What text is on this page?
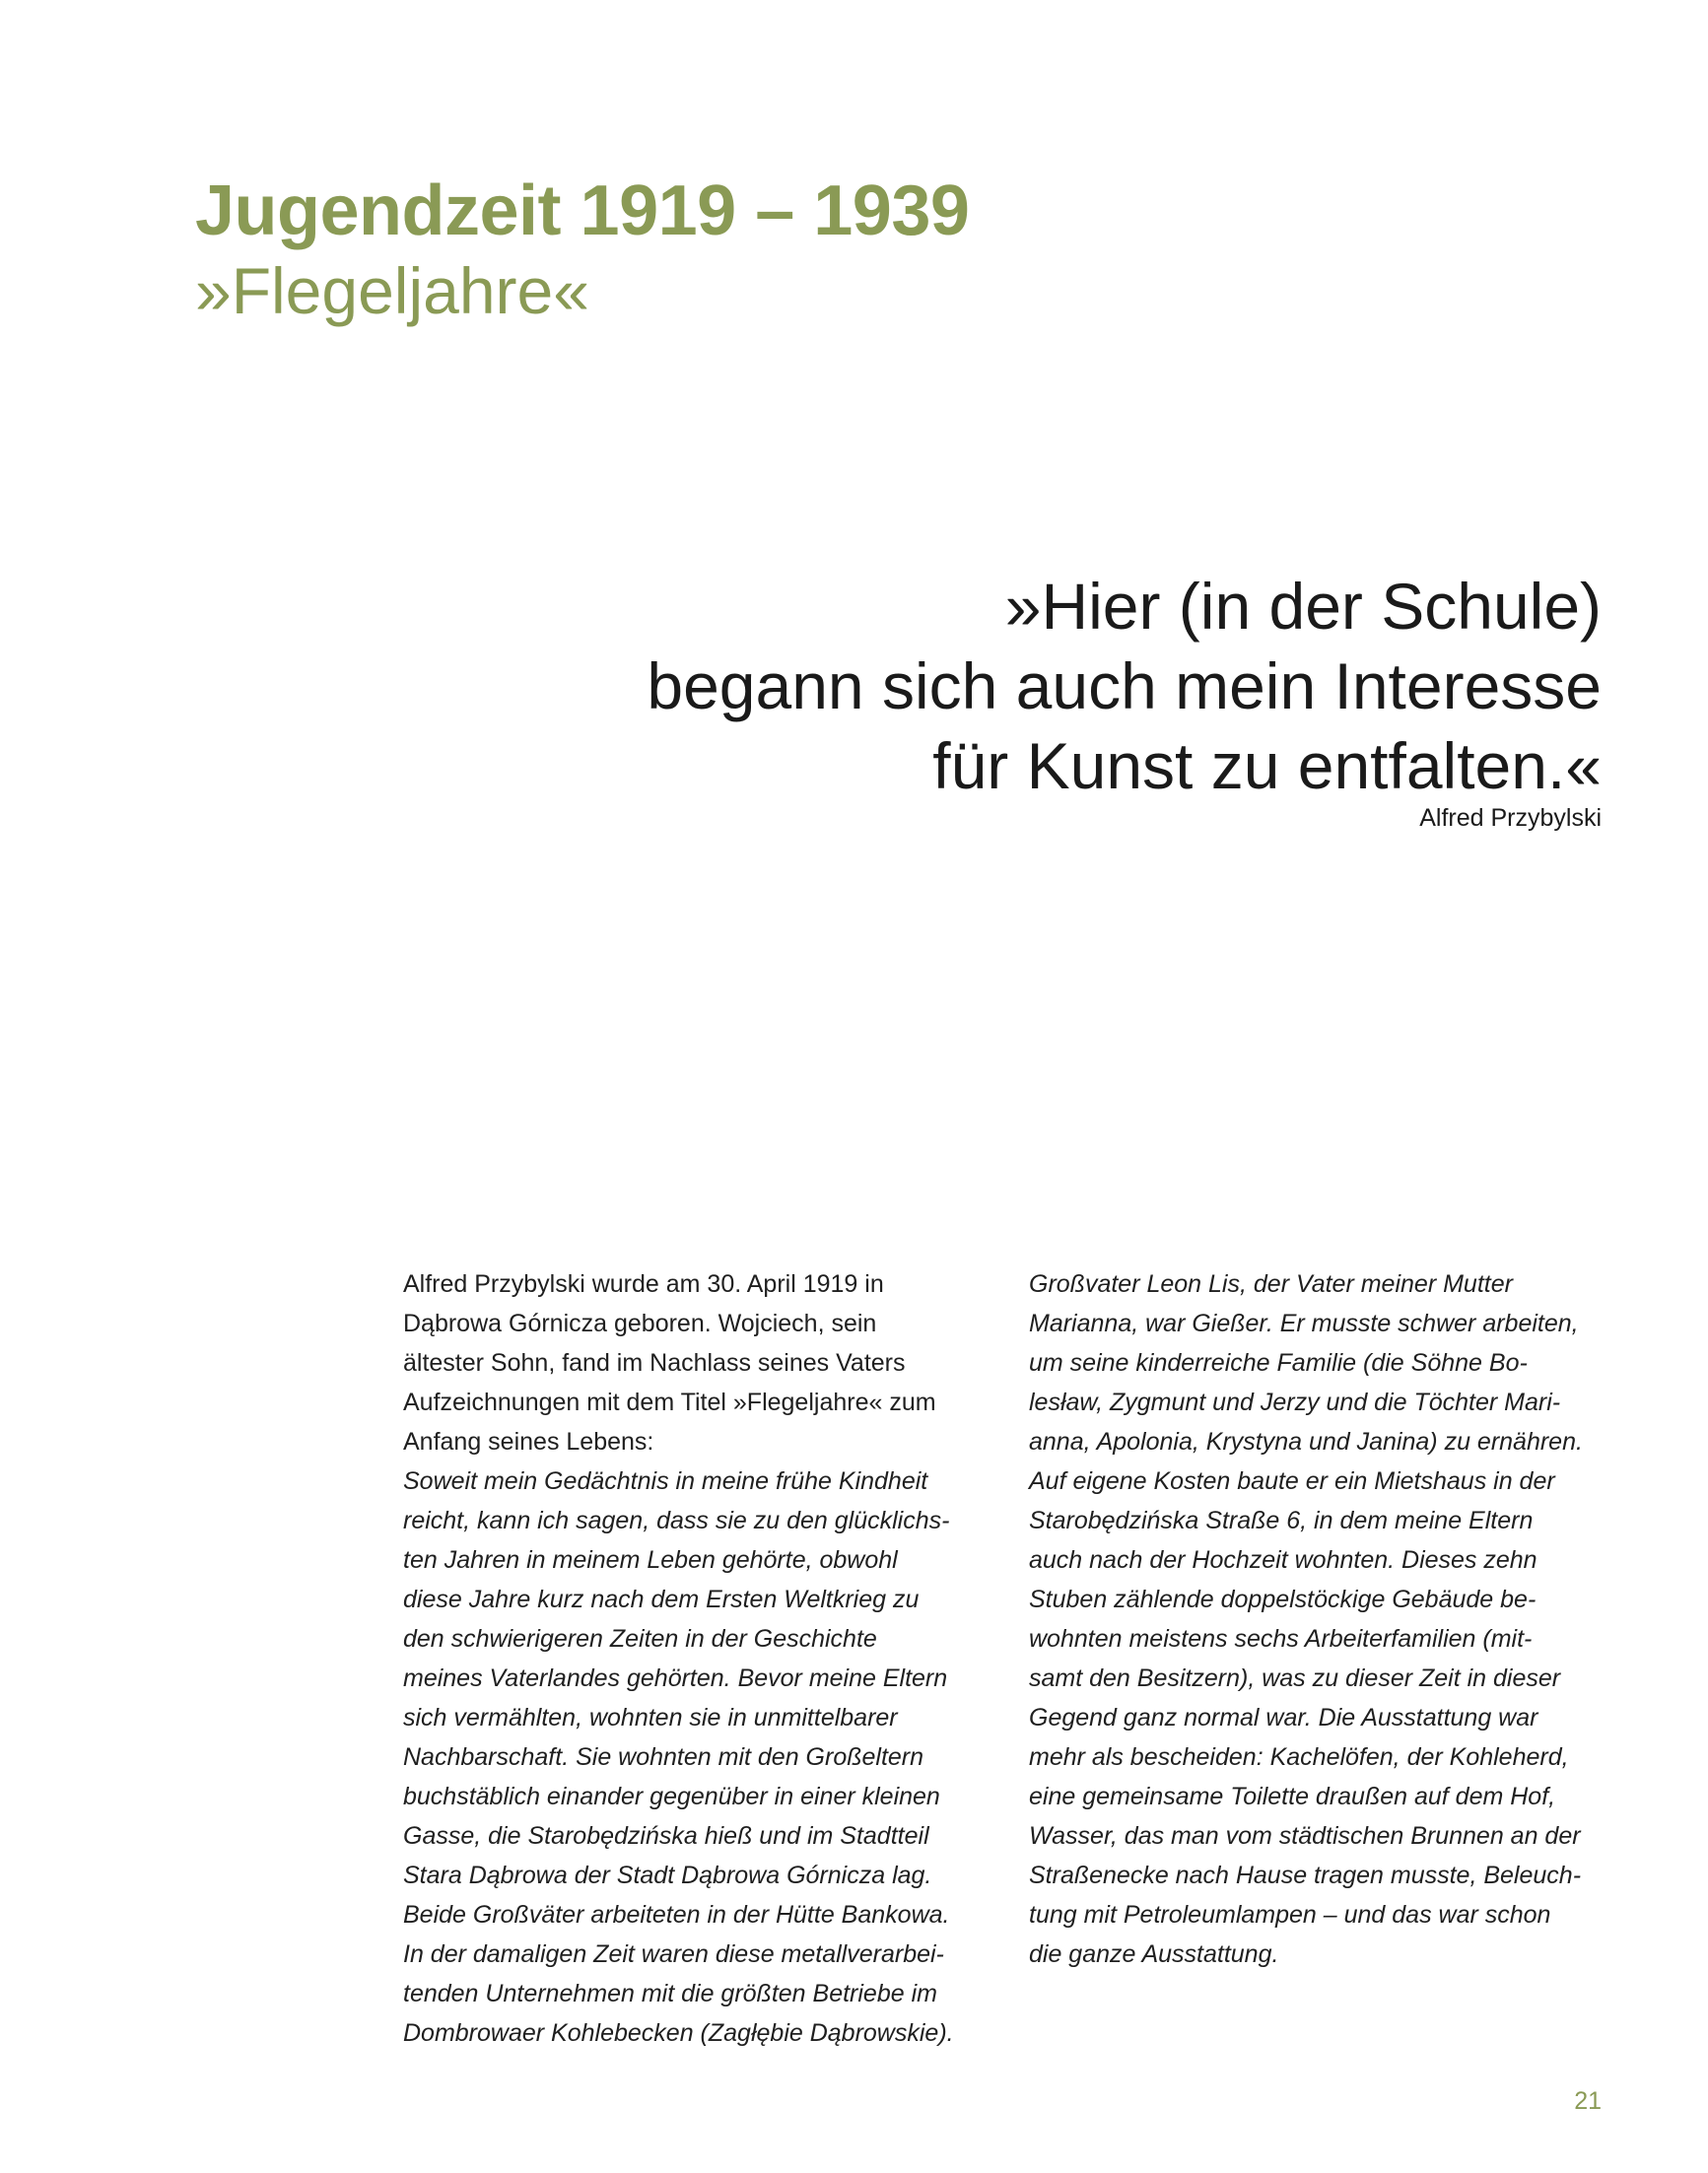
Jugendzeit 1919 – 1939
»Flegeljahre«
»Hier (in der Schule)
begann sich auch mein Interesse
für Kunst zu entfalten.«
Alfred Przybylski

Alfred Przybylski wurde am 30. April 1919 in
Dąbrowa Górnicza geboren. Wojciech, sein
ältester Sohn, fand im Nachlass seines Vaters
Aufzeichnungen mit dem Titel »Flegeljahre« zum
Anfang seines Lebens:

Soweit mein Gedächtnis in meine frühe Kindheit
reicht, kann ich sagen, dass sie zu den glücklichs-
ten Jahren in meinem Leben gehörte, obwohl
diese Jahre kurz nach dem Ersten Weltkrieg zu
den schwierigeren Zeiten in der Geschichte
meines Vaterlandes gehörten. Bevor meine Eltern
sich vermählten, wohnten sie in unmittelbarer
Nachbarschaft. Sie wohnten mit den Großeltern
buchstäblich einander gegenüber in einer kleinen
Gasse, die Starobędzińska hieß und im Stadtteil
Stara Dąbrowa der Stadt Dąbrowa Górnicza lag.
Beide Großväter arbeiteten in der Hütte Bankowa.
In der damaligen Zeit waren diese metallverarbei-
tenden Unternehmen mit die größten Betriebe im
Dombrowaer Kohlebecken (Zagłębie Dąbrowskie).

Großvater Leon Lis, der Vater meiner Mutter
Marianna, war Gießer. Er musste schwer arbeiten,
um seine kinderreiche Familie (die Söhne Bo-
lesław, Zygmunt und Jerzy und die Töchter Mari-
anna, Apolonia, Krystyna und Janina) zu ernähren.
Auf eigene Kosten baute er ein Mietshaus in der
Starobędzińska Straße 6, in dem meine Eltern
auch nach der Hochzeit wohnten. Dieses zehn
Stuben zählende doppelstöckige Gebäude be-
wohnten meistens sechs Arbeiterfamilien (mit-
samt den Besitzern), was zu dieser Zeit in dieser
Gegend ganz normal war. Die Ausstattung war
mehr als bescheiden: Kachelöfen, der Kohleherd,
eine gemeinsame Toilette draußen auf dem Hof,
Wasser, das man vom städtischen Brunnen an der
Straßenecke nach Hause tragen musste, Beleuch-
tung mit Petroleumlampen – und das war schon
die ganze Ausstattung.

21
